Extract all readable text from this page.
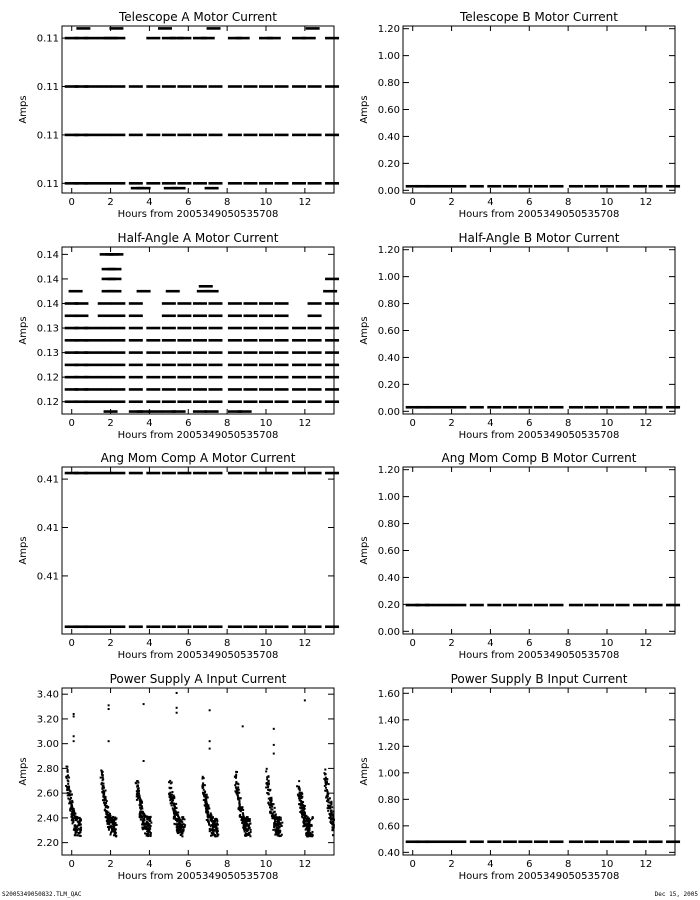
Telescope A Motor Current
0	2	4	6	8	10	12
0.11
0.11
0.11
0.11
Hours from 2005349050535708
Amps
Telescope B Motor Current
0	2	4	6	8	10	12
0.00
0.20
0.40
0.60
0.80
1.00
1.20
Hours from 2005349050535708
Amps
Half-Angle A Motor Current
0	2	4	6	8	10	12
0.12
0.12
0.13
0.13
0.14
0.14
0.14
Hours from 2005349050535708
Amps
Half-Angle B Motor Current
0	2	4	6	8	10	12
0.00
0.20
0.40
0.60
0.80
1.00
1.20
Hours from 2005349050535708
Amps
Ang Mom Comp A Motor Current
0	2	4	6	8	10	12
0.41
0.41
0.41
Hours from 2005349050535708
Amps
Ang Mom Comp B Motor Current
0	2	4	6	8	10	12
0.00
0.20
0.40
0.60
0.80
1.00
1.20
Hours from 2005349050535708
Amps
Power Supply A Input Current
0	2	4	6	8	10	12
2.20
2.40
2.60
2.80
3.00
3.20
3.40
Hours from 2005349050535708
Amps
Power Supply B Input Current
0	2	4	6	8	10	12
0.40
0.60
0.80
1.00
1.20
1.40
1.60
Hours from 2005349050535708
Amps
S2005349050832.TLM_QAC	Dec 15, 2005
